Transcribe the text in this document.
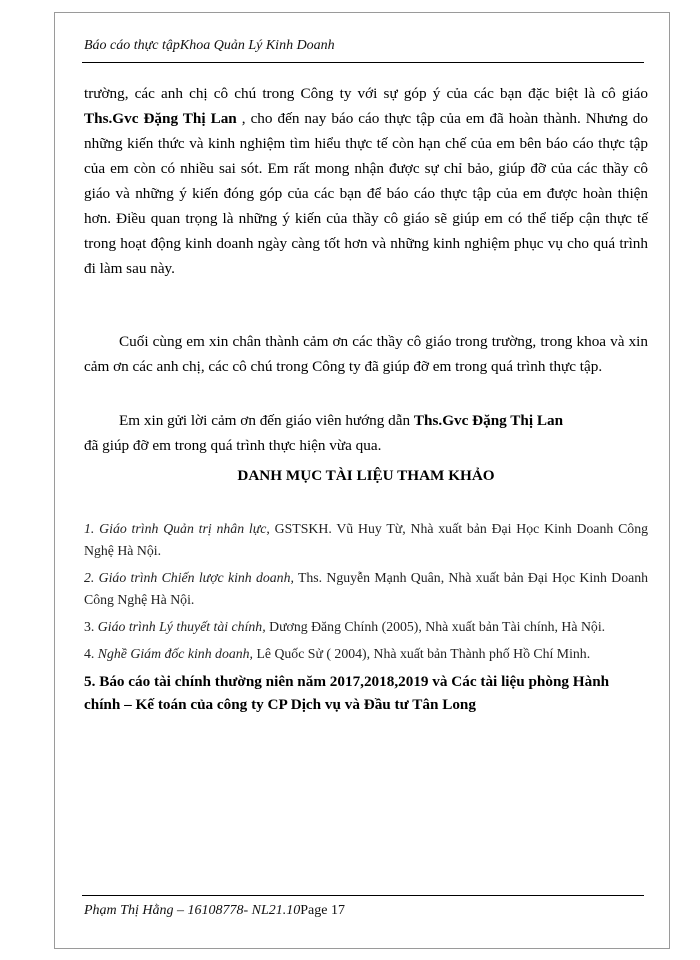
Báo cáo thực tậpKhoa Quản Lý Kinh Doanh

trường, các anh chị cô chú trong Công ty với sự góp ý của các bạn đặc biệt là cô giáo Ths.Gvc Đặng Thị Lan , cho đến nay báo cáo thực tập của em đã hoàn thành. Nhưng do những kiến thức và kinh nghiệm tìm hiểu thực tế còn hạn chế của em bên báo cáo thực tập của em còn có nhiều sai sót. Em rất mong nhận được sự chỉ bảo, giúp đỡ của các thầy cô giáo và những ý kiến đóng góp của các bạn để báo cáo thực tập của em được hoàn thiện hơn. Điều quan trọng là những ý kiến của thầy cô giáo sẽ giúp em có thể tiếp cận thực tế trong hoạt động kinh doanh ngày càng tốt hơn và những kinh nghiệm phục vụ cho quá trình đi làm sau này.

Cuối cùng em xin chân thành cảm ơn các thầy cô giáo trong trường, trong khoa và xin cảm ơn các anh chị, các cô chú trong Công ty đã giúp đỡ em trong quá trình thực tập.

Em xin gửi lời cảm ơn đến giáo viên hướng dẫn Ths.Gvc Đặng Thị Lan
đã giúp đỡ em trong quá trình thực hiện vừa qua.

DANH MỤC TÀI LIỆU THAM KHẢO

1. Giáo trình Quản trị nhân lực, GSTSKH. Vũ Huy Từ, Nhà xuất bản Đại Học Kinh Doanh Công Nghệ Hà Nội.

2. Giáo trình Chiến lược kinh doanh, Ths. Nguyễn Mạnh Quân, Nhà xuất bản Đại Học Kinh Doanh Công Nghệ Hà Nội.

3. Giáo trình Lý thuyết tài chính, Dương Đăng Chính (2005), Nhà xuất bản Tài chính, Hà Nội.

4. Nghề Giám đốc kinh doanh, Lê Quốc Sử ( 2004), Nhà xuất bản Thành phố Hồ Chí Minh.

5. Báo cáo tài chính thường niên năm 2017,2018,2019 và Các tài liệu phòng Hành chính – Kế toán của công ty CP Dịch vụ và Đầu tư Tân Long

Phạm Thị Hằng – 16108778- NL21.10Page 17
